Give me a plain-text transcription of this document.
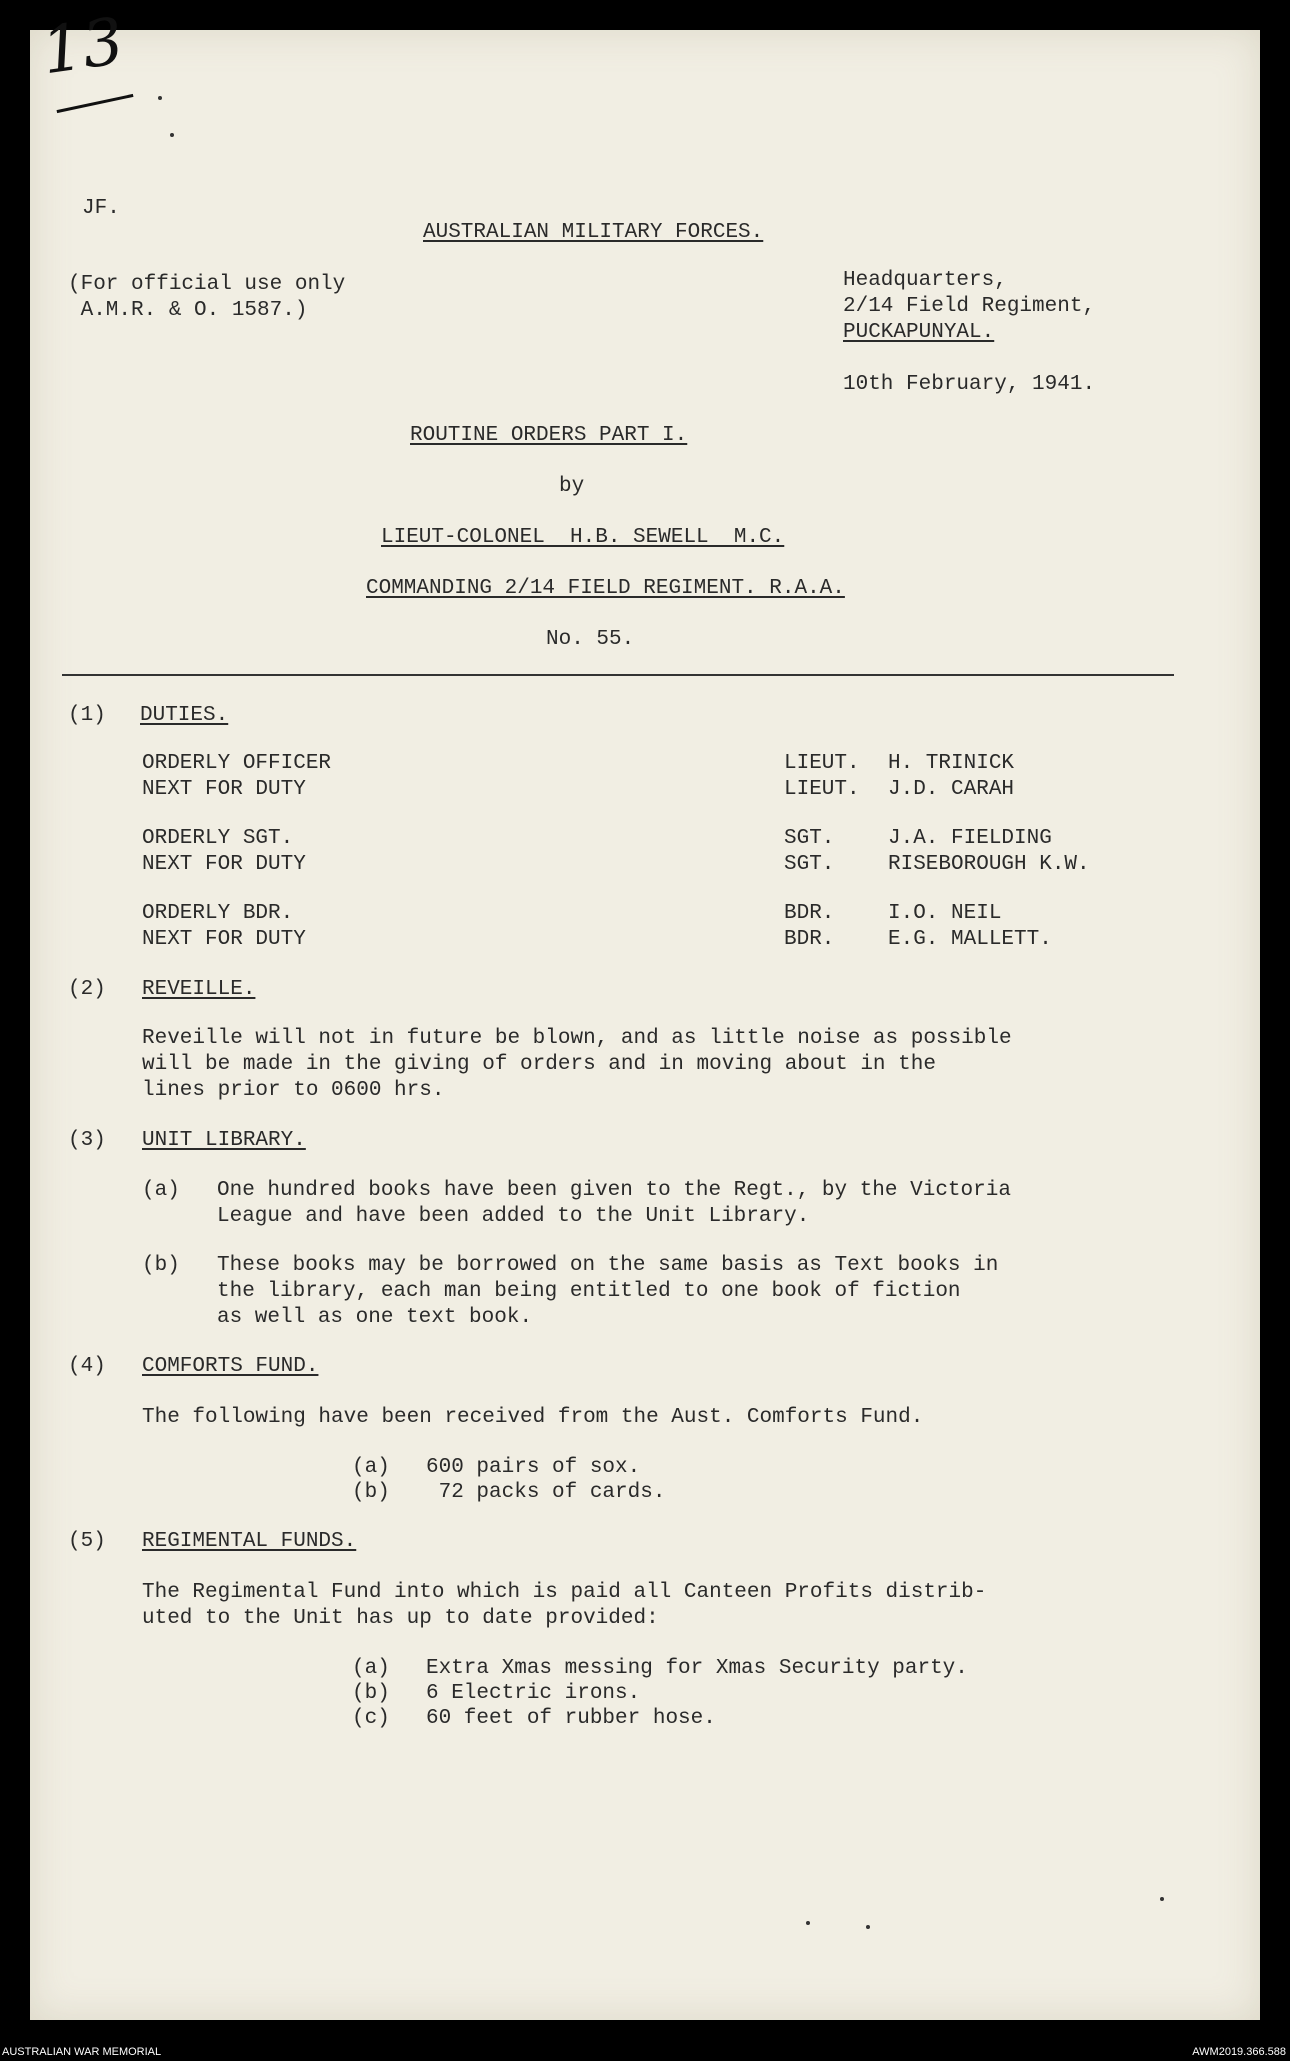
13
JF.
AUSTRALIAN MILITARY FORCES.
(For official use only
A.M.R. & O. 1587.)
Headquarters,
2/14 Field Regiment,
PUCKAPUNYAL.
10th February, 1941.
ROUTINE ORDERS PART I.
by
LIEUT-COLONEL  H.B. SEWELL  M.C.
COMMANDING 2/14 FIELD REGIMENT. R.A.A.
No. 55.
(1) DUTIES.
ORDERLY OFFICER	LIEUT. H. TRINICK
NEXT FOR DUTY	LIEUT. J.D. CARAH
ORDERLY SGT.	SGT.	J.A. FIELDING
NEXT FOR DUTY	SGT.	RISEBOROUGH K.W.
ORDERLY BDR.	BDR.	I.O. NEIL
NEXT FOR DUTY	BDR.	E.G. MALLETT.
(2) REVEILLE.
Reveille will not in future be blown, and as little noise as possible
will be made in the giving of orders and in moving about in the
lines prior to 0600 hrs.
(3) UNIT LIBRARY.
(a) One hundred books have been given to the Regt., by the Victoria
League and have been added to the Unit Library.
(b) These books may be borrowed on the same basis as Text books in
the library, each man being entitled to one book of fiction
as well as one text book.
(4) COMFORTS FUND.
The following have been received from the Aust. Comforts Fund.
(a) 600 pairs of sox.
(b) 72 packs of cards.
(5) REGIMENTAL FUNDS.
The Regimental Fund into which is paid all Canteen Profits distrib-
uted to the Unit has up to date provided:
(a) Extra Xmas messing for Xmas Security party.
(b) 6 Electric irons.
(c) 60 feet of rubber hose.
AUSTRALIAN WAR MEMORIAL	AWM2019.366.588
